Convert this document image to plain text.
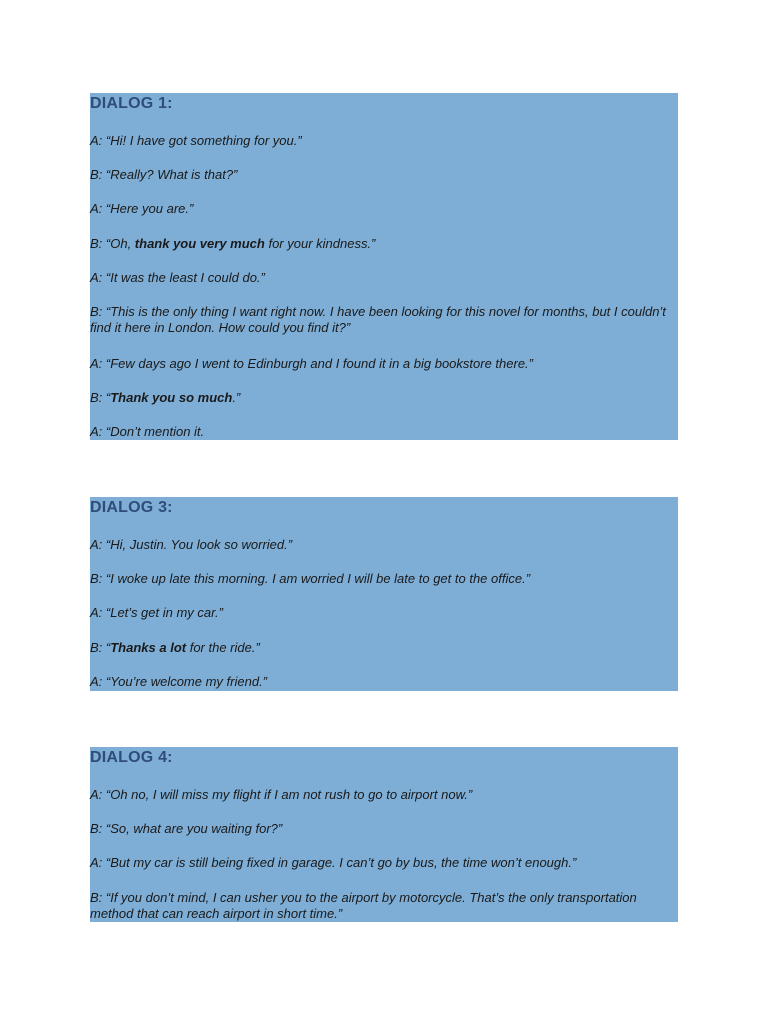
DIALOG 1:
A: “Hi! I have got something for you.”
B: “Really? What is that?”
A: “Here you are.”
B: “Oh, thank you very much for your kindness.”
A: “It was the least I could do.”
B: “This is the only thing I want right now. I have been looking for this novel for months, but I couldn’t find it here in London. How could you find it?”
A: “Few days ago I went to Edinburgh and I found it in a big bookstore there.”
B: “Thank you so much.”
A: “Don’t mention it.
DIALOG 3:
A: “Hi, Justin. You look so worried.”
B: “I woke up late this morning. I am worried I will be late to get to the office.”
A: “Let’s get in my car.”
B: “Thanks a lot for the ride.”
A: “You’re welcome my friend.”
DIALOG 4:
A: “Oh no, I will miss my flight if I am not rush to go to airport now.”
B: “So, what are you waiting for?”
A: “But my car is still being fixed in garage. I can’t go by bus, the time won’t enough.”
B: “If you don’t mind, I can usher you to the airport by motorcycle. That’s the only transportation method that can reach airport in short time.”
